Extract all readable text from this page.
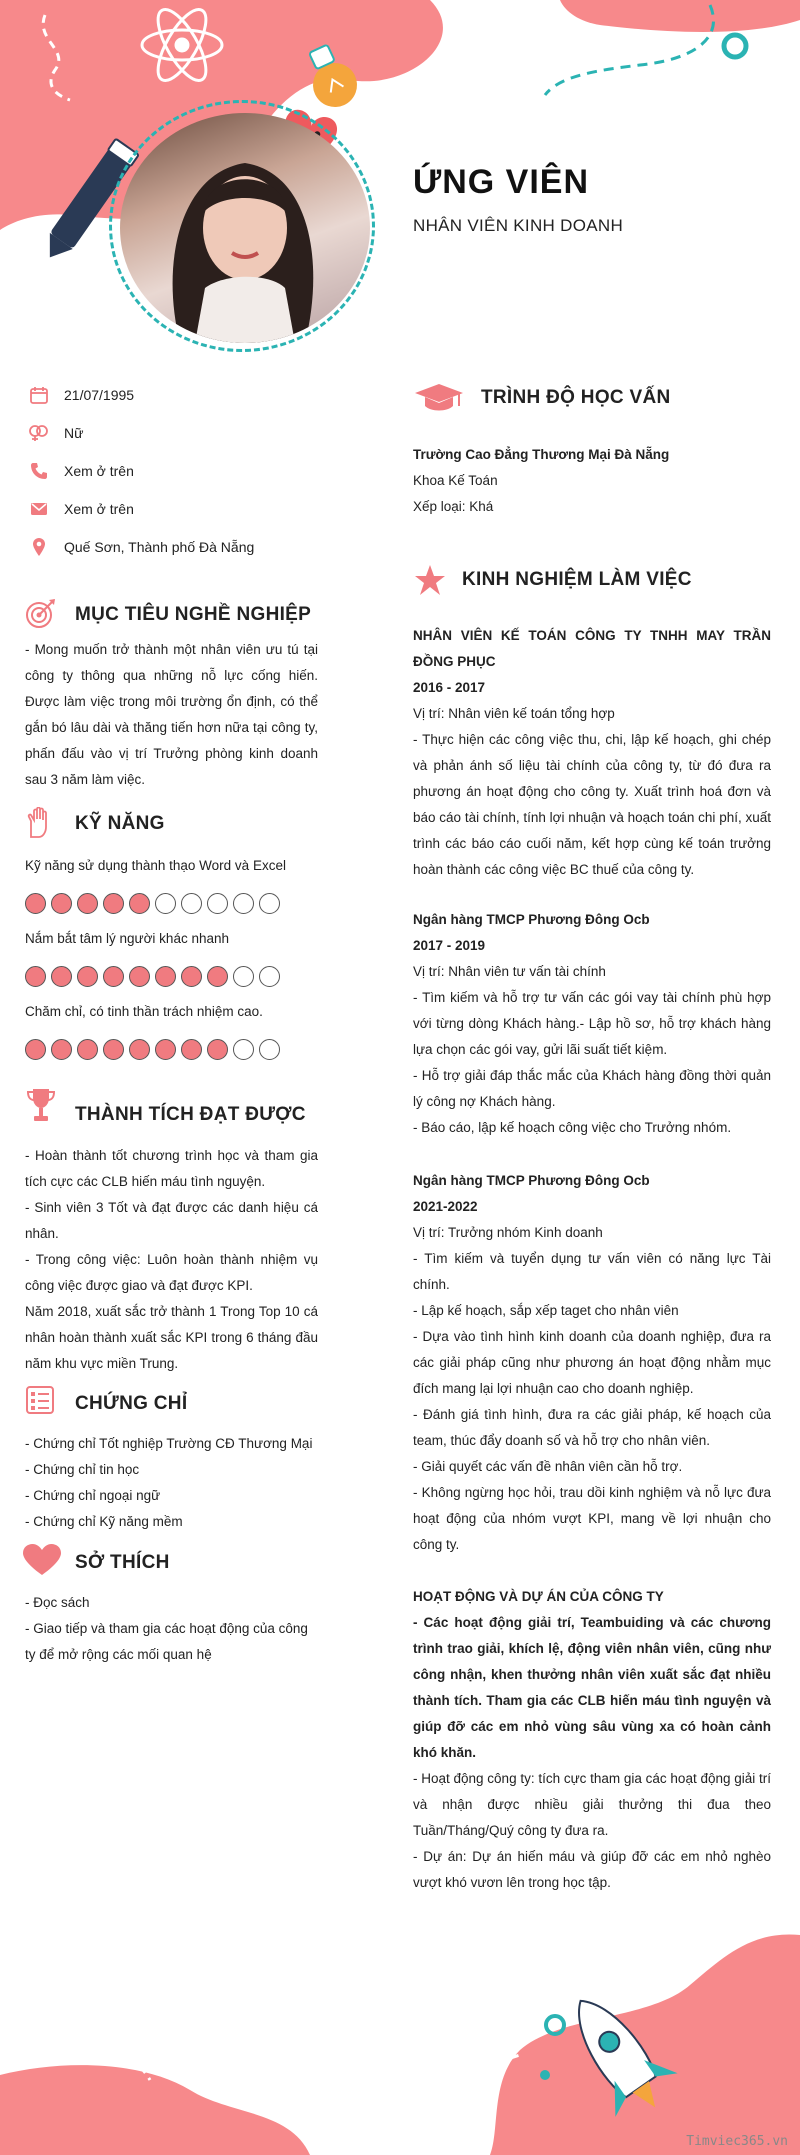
ỨNG VIÊN
NHÂN VIÊN KINH DOANH
21/07/1995
Nữ
Xem ở trên
Xem ở trên
Quế Sơn, Thành phố Đà Nẵng
MỤC TIÊU NGHỀ NGHIỆP
- Mong muốn trở thành một nhân viên ưu tú tại công ty thông qua những nỗ lực cống hiến. Được làm việc trong môi trường ổn định, có thể gắn bó lâu dài và thăng tiến hơn nữa tại công ty, phấn đấu vào vị trí Trưởng phòng kinh doanh sau 3 năm làm việc.
KỸ NĂNG
Kỹ năng sử dụng thành thạo Word và Excel
Nắm bắt tâm lý người khác nhanh
Chăm chỉ, có tinh thần trách nhiệm cao.
THÀNH TÍCH ĐẠT ĐƯỢC

- Hoàn thành tốt chương trình học và tham gia tích cực các CLB hiến máu tình nguyện.

- Sinh viên 3 Tốt và đạt được các danh hiệu cá nhân.

- Trong công việc: Luôn hoàn thành nhiệm vụ công việc được giao và đạt được KPI.

Năm 2018, xuất sắc trở thành 1 Trong Top 10 cá nhân hoàn thành xuất sắc KPI trong 6 tháng đầu năm khu vực miền Trung.

CHỨNG CHỈ

- Chứng chỉ Tốt nghiệp Trường CĐ Thương Mại

- Chứng chỉ tin học

- Chứng chỉ ngoại ngữ

- Chứng chỉ Kỹ năng mềm

SỞ THÍCH

- Đọc sách

- Giao tiếp và tham gia các hoạt động của công ty để mở rộng các mối quan hệ

TRÌNH ĐỘ HỌC VẤN
Trường Cao Đẳng Thương Mại Đà Nẵng
Khoa Kế Toán
Xếp loại: Khá
KINH NGHIỆM LÀM VIỆC
NHÂN VIÊN KẾ TOÁN CÔNG TY TNHH MAY TRẦN ĐỒNG PHỤC
2016 - 2017
Vị trí: Nhân viên kế toán tổng hợp
- Thực hiện các công việc thu, chi, lập kế hoạch, ghi chép và phản ánh số liệu tài chính của công ty, từ đó đưa ra phương án hoạt động cho công ty. Xuất trình hoá đơn và báo cáo tài chính, tính lợi nhuận và hoạch toán chi phí, xuất trình các báo cáo cuối năm, kết hợp cùng kế toán trưởng hoàn thành các công việc BC thuế của công ty.
Ngân hàng TMCP Phương Đông Ocb
2017 - 2019
Vị trí: Nhân viên tư vấn tài chính
- Tìm kiếm và hỗ trợ tư vấn các gói vay tài chính phù hợp với từng dòng Khách hàng.- Lập hồ sơ, hỗ trợ khách hàng lựa chọn các gói vay, gửi lãi suất tiết kiệm.
- Hỗ trợ giải đáp thắc mắc của Khách hàng đồng thời quản lý công nợ Khách hàng.
- Báo cáo, lập kế hoạch công việc cho Trưởng nhóm.
Ngân hàng TMCP Phương Đông Ocb
2021-2022
Vị trí: Trưởng nhóm Kinh doanh
- Tìm kiếm và tuyển dụng tư vấn viên có năng lực Tài chính.
- Lập kế hoạch, sắp xếp taget cho nhân viên
- Dựa vào tình hình kinh doanh của doanh nghiệp, đưa ra các giải pháp cũng như phương án hoạt động nhằm mục đích mang lại lợi nhuận cao cho doanh nghiệp.
- Đánh giá tình hình, đưa ra các giải pháp, kế hoạch của team, thúc đẩy doanh số và hỗ trợ cho nhân viên.
- Giải quyết các vấn đề nhân viên cần hỗ trợ.
- Không ngừng học hỏi, trau dồi kinh nghiệm và nỗ lực đưa hoạt động của nhóm vượt KPI, mang về lợi nhuận cho công ty.
HOẠT ĐỘNG VÀ DỰ ÁN CỦA CÔNG TY
- Các hoạt động giải trí, Teambuiding và các chương trình trao giải, khích lệ, động viên nhân viên, cũng như công nhận, khen thưởng nhân viên xuất sắc đạt nhiều thành tích. Tham gia các CLB hiến máu tình nguyện và giúp đỡ các em nhỏ vùng sâu vùng xa có hoàn cảnh khó khăn.
- Hoạt động công ty: tích cực tham gia các hoạt động giải trí và nhận được nhiều giải thưởng thi đua theo Tuần/Tháng/Quý công ty đưa ra.
- Dự án: Dự án hiến máu và giúp đỡ các em nhỏ nghèo vượt khó vươn lên trong học tập.
Timviec365.vn
